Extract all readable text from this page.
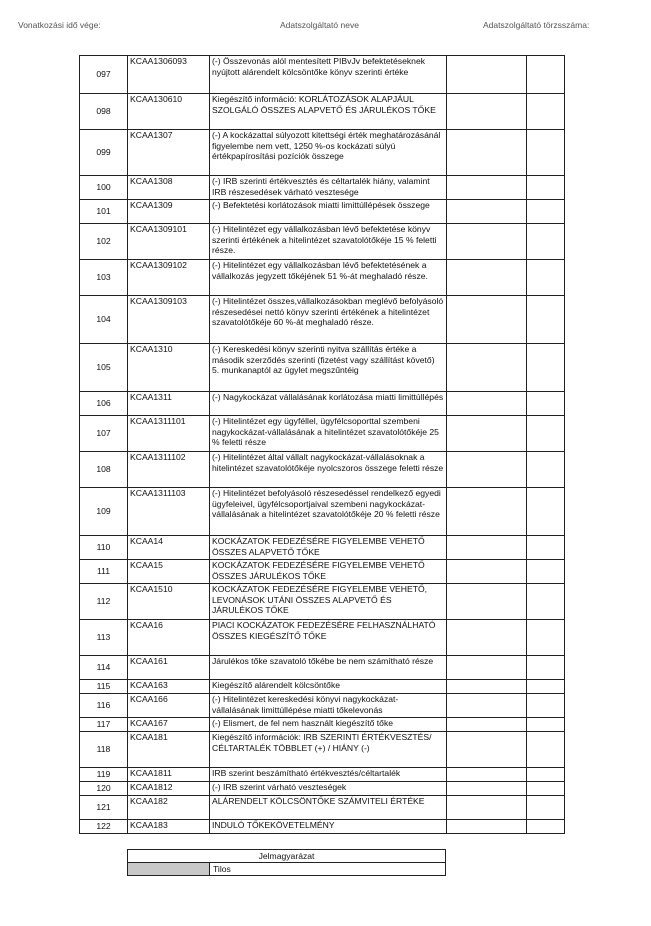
Vonatkozási idő vége:	Adatszolgáltató neve	Adatszolgáltató törzsszáma:
097	KCAA1306093	(-) Összevonás alól mentesített PIBvJv befektetéseknek nyújtott alárendelt kölcsöntőke könyv szerinti értéke		
098	KCAA130610	Kiegészítő információ: KORLÁTOZÁSOK ALAPJÁUL SZOLGÁLÓ ÖSSZES ALAPVETŐ ÉS JÁRULÉKOS TŐKE		
099	KCAA1307	(-) A kockázattal súlyozott kitettségi érték meghatározásánál figyelembe nem vett, 1250 %-os kockázati súlyú értékpapírosítási pozíciók összege		
100	KCAA1308	(-) IRB szerinti értékvesztés és céltartalék hiány, valamint IRB részesedések várható vesztesége		
101	KCAA1309	(-) Befektetési korlátozások miatti limittúllépések összege		
102	KCAA1309101	(-) Hitelintézet egy vállalkozásban lévő befektetése könyv szerinti értékének a hitelintézet szavatolótőkéje 15 % feletti része.		
103	KCAA1309102	(-) Hitelintézet egy vállalkozásban lévő befektetésének a vállalkozás jegyzett tőkéjének 51 %-át meghaladó része.		
104	KCAA1309103	(-) Hitelintézet összes,vállalkozásokban meglévő befolyásoló részesedései nettó könyv szerinti értékének a hitelintézet szavatolótőkéje 60 %-át meghaladó része.		
105	KCAA1310	(-) Kereskedési könyv szerinti nyitva szállítás értéke a második szerződés szerinti (fizetést vagy szállítást követő) 5. munkanaptól az ügylet megszűntéig		
106	KCAA1311	(-) Nagykockázat vállalásának korlátozása miatti limittúllépés		
107	KCAA1311101	(-) Hitelintézet egy ügyféllel, ügyfélcsoporttal szembeni nagykockázat-vállalásának a hitelintézet szavatolótőkéje 25 % feletti része		
108	KCAA1311102	(-) Hitelintézet által vállalt nagykockázat-vállalásoknak a hitelintézet szavatolótőkéje nyolcszoros összege feletti része		
109	KCAA1311103	(-) Hitelintézet befolyásoló részesedéssel rendelkező egyedi ügyfeleivel, ügyfélcsoportjaival szembeni nagykockázat-vállalásának a hitelintézet szavatolótőkéje 20 % feletti része		
110	KCAA14	KOCKÁZATOK FEDEZÉSÉRE FIGYELEMBE VEHETŐ ÖSSZES ALAPVETŐ TŐKE		
111	KCAA15	KOCKÁZATOK FEDEZÉSÉRE FIGYELEMBE VEHETŐ ÖSSZES JÁRULÉKOS TŐKE		
112	KCAA1510	KOCKÁZATOK FEDEZÉSÉRE FIGYELEMBE VEHETŐ, LEVONÁSOK UTÁNI ÖSSZES ALAPVETŐ ÉS JÁRULÉKOS TŐKE		
113	KCAA16	PIACI KOCKÁZATOK FEDEZÉSÉRE FELHASZNÁLHATÓ ÖSSZES KIEGÉSZÍTŐ TŐKE		
114	KCAA161	Járulékos tőke szavatoló tőkébe be nem számítható része		
115	KCAA163	Kiegészítő alárendelt kölcsöntőke		
116	KCAA166	(-) Hitelintézet kereskedési könyvi nagykockázat-vállalásának limittúllépése miatti tőkelevonás		
117	KCAA167	(-) Elismert, de fel nem használt kiegészítő tőke		
118	KCAA181	Kiegészítő információk: IRB SZERINTI ÉRTÉKVESZTÉS/ CÉLTARTALÉK TÖBBLET (+) / HIÁNY (-)		
119	KCAA1811	IRB szerint beszámítható értékvesztés/céltartalék		
120	KCAA1812	(-) IRB szerint várható veszteségek		
121	KCAA182	ALÁRENDELT KÖLCSÖNTŐKE SZÁMVITELI ÉRTÉKE		
122	KCAA183	INDULÓ TŐKEKÖVETELMÉNY		
Jelmagyarázat
	Tilos
